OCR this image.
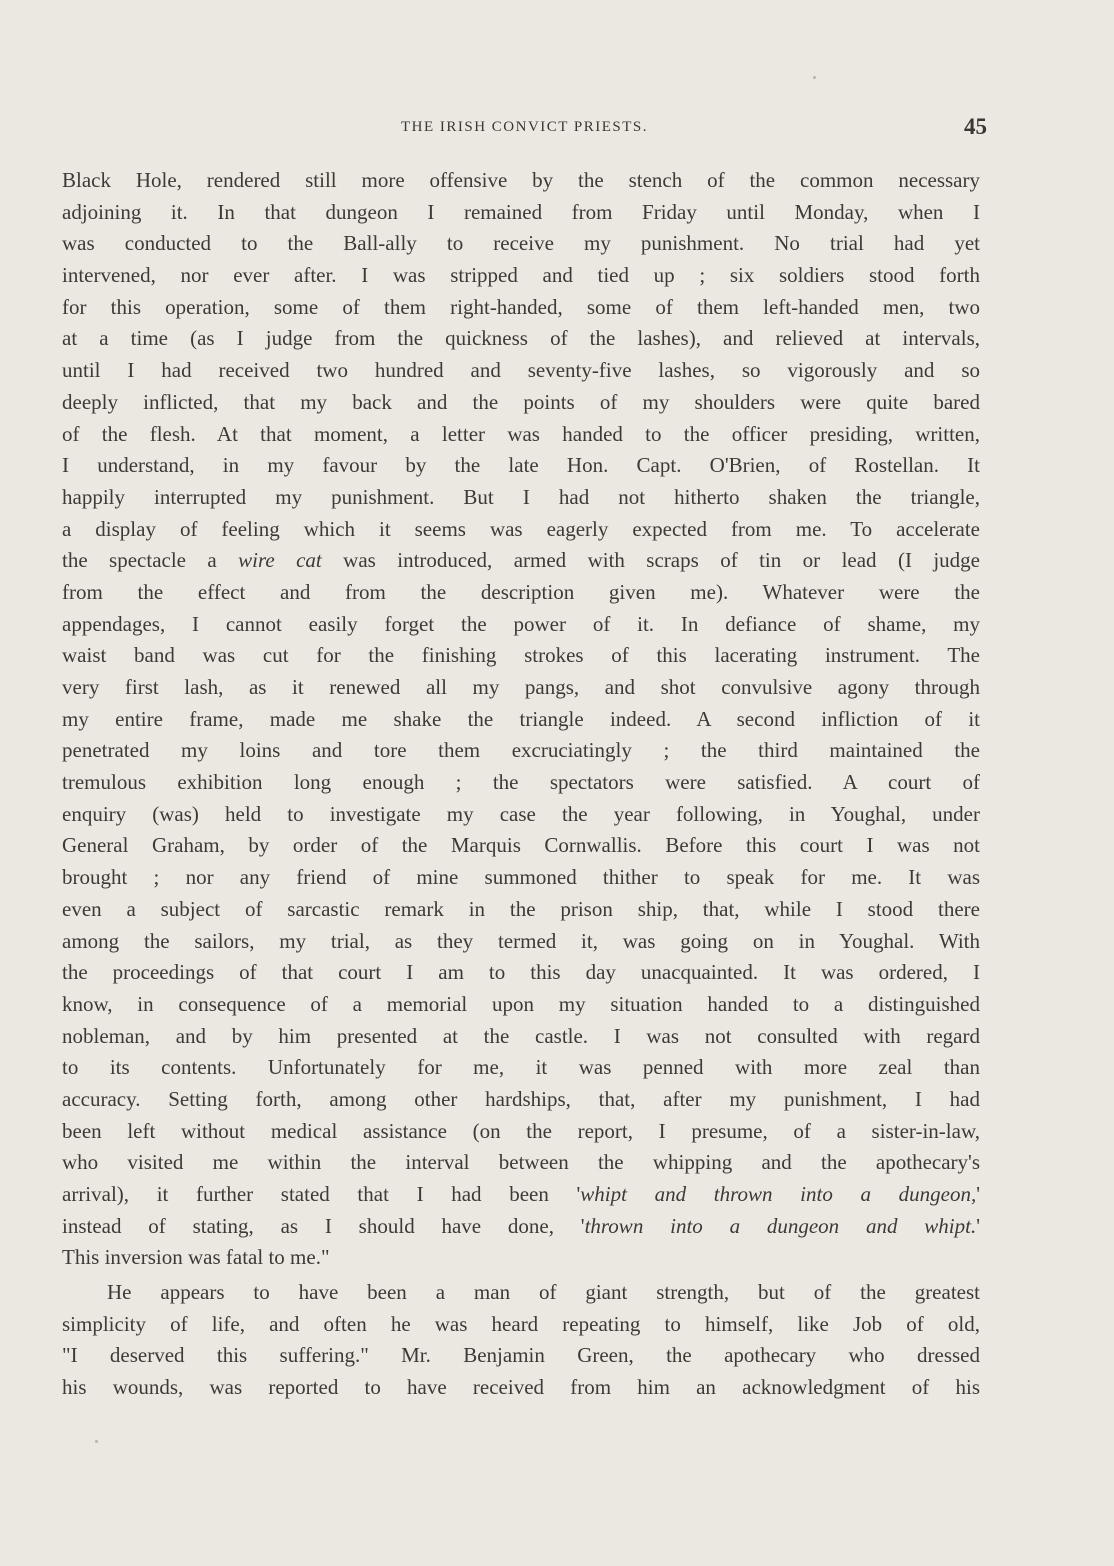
THE IRISH CONVICT PRIESTS.	45
Black Hole, rendered still more offensive by the stench of the common necessary
adjoining it. In that dungeon I remained from Friday until Monday, when I
was conducted to the Ball-ally to receive my punishment. No trial had yet
intervened, nor ever after. I was stripped and tied up ; six soldiers stood forth
for this operation, some of them right-handed, some of them left-handed men, two
at a time (as I judge from the quickness of the lashes), and relieved at intervals,
until I had received two hundred and seventy-five lashes, so vigorously and so
deeply inflicted, that my back and the points of my shoulders were quite bared
of the flesh. At that moment, a letter was handed to the officer presiding, written,
I understand, in my favour by the late Hon. Capt. O'Brien, of Rostellan. It
happily interrupted my punishment. But I had not hitherto shaken the triangle,
a display of feeling which it seems was eagerly expected from me. To accelerate
the spectacle a wire cat was introduced, armed with scraps of tin or lead (I judge
from the effect and from the description given me). Whatever were the
appendages, I cannot easily forget the power of it. In defiance of shame, my
waist band was cut for the finishing strokes of this lacerating instrument. The
very first lash, as it renewed all my pangs, and shot convulsive agony through
my entire frame, made me shake the triangle indeed. A second infliction of it
penetrated my loins and tore them excruciatingly ; the third maintained the
tremulous exhibition long enough ; the spectators were satisfied. A court of
enquiry (was) held to investigate my case the year following, in Youghal, under
General Graham, by order of the Marquis Cornwallis. Before this court I was not
brought ; nor any friend of mine summoned thither to speak for me. It was
even a subject of sarcastic remark in the prison ship, that, while I stood there
among the sailors, my trial, as they termed it, was going on in Youghal. With
the proceedings of that court I am to this day unacquainted. It was ordered, I
know, in consequence of a memorial upon my situation handed to a distinguished
nobleman, and by him presented at the castle. I was not consulted with regard
to its contents. Unfortunately for me, it was penned with more zeal than
accuracy. Setting forth, among other hardships, that, after my punishment, I had
been left without medical assistance (on the report, I presume, of a sister-in-law,
who visited me within the interval between the whipping and the apothecary's
arrival), it further stated that I had been 'whipt and thrown into a dungeon,'
instead of stating, as I should have done, 'thrown into a dungeon and whipt.'
This inversion was fatal to me."
He appears to have been a man of giant strength, but of the greatest
simplicity of life, and often he was heard repeating to himself, like Job of old,
"I deserved this suffering." Mr. Benjamin Green, the apothecary who dressed
his wounds, was reported to have received from him an acknowledgment of his
